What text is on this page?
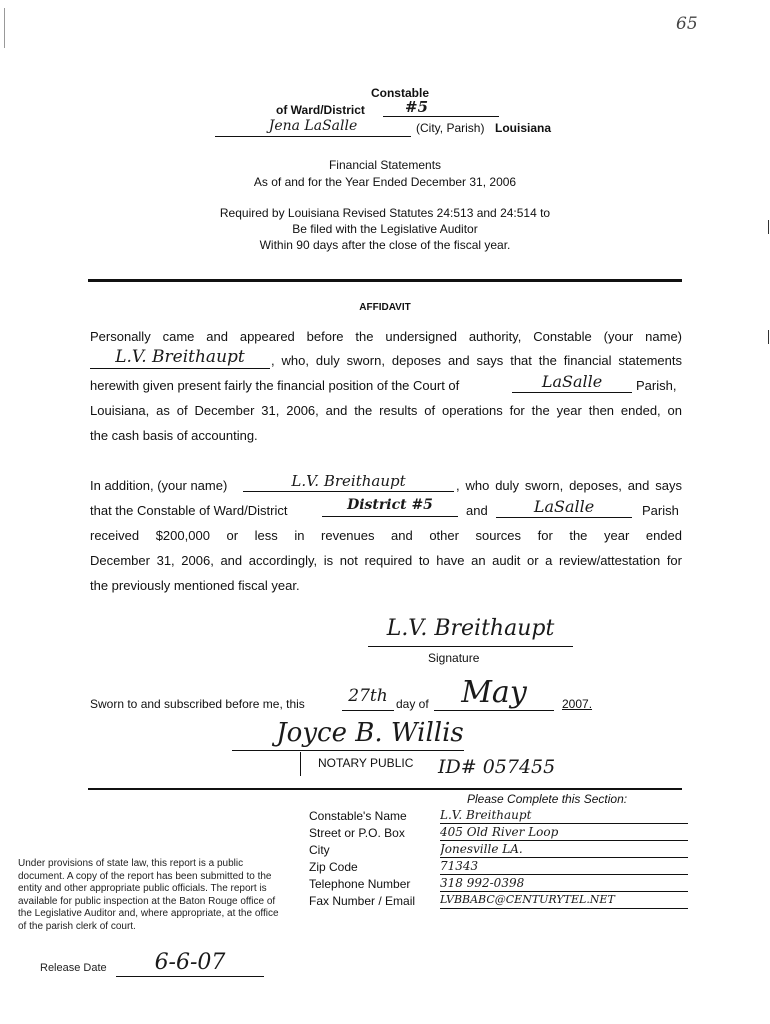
65
Constable
of Ward/District	#5
Jena LaSalle	(City, Parish) Louisiana
Financial Statements
As of and for the Year Ended December 31, 2006
Required by Louisiana Revised Statutes 24:513 and 24:514 to
Be filed with the Legislative Auditor
Within 90 days after the close of the fiscal year.
AFFIDAVIT
Personally came and appeared before the undersigned authority, Constable (your name)
L.V. Breithaupt	, who, duly sworn, deposes and says that the financial statements
herewith given present fairly the financial position of the Court of	LaSalle	Parish,
Louisiana, as of December 31, 2006, and the results of operations for the year then ended, on
the cash basis of accounting.
In addition, (your name)	L.V. Breithaupt	, who duly sworn, deposes, and says
that the Constable of Ward/District	District #5	and	LaSalle	Parish
received $200,000 or less in revenues and other sources for the year ended
December 31, 2006, and accordingly, is not required to have an audit or a review/attestation for
the previously mentioned fiscal year.
L.V. Breithaupt
Signature
Sworn to and subscribed before me, this	27th day of	May	2007.
Joyce B. Willis
NOTARY PUBLIC ID# 057455
Please Complete this Section:
Constable's Name	L.V. Breithaupt
Street or P.O. Box	405 Old River Loop
City	Jonesville LA.
Zip Code	71343
Telephone Number 318 992-0398
Fax Number / Email LVBBABC@CENTURYTEL.NET
Under provisions of state law, this report is a public document. A copy of the report has been submitted to the entity and other appropriate public officials. The report is available for public inspection at the Baton Rouge office of the Legislative Auditor and, where appropriate, at the office of the parish clerk of court.
Release Date	6-6-07
